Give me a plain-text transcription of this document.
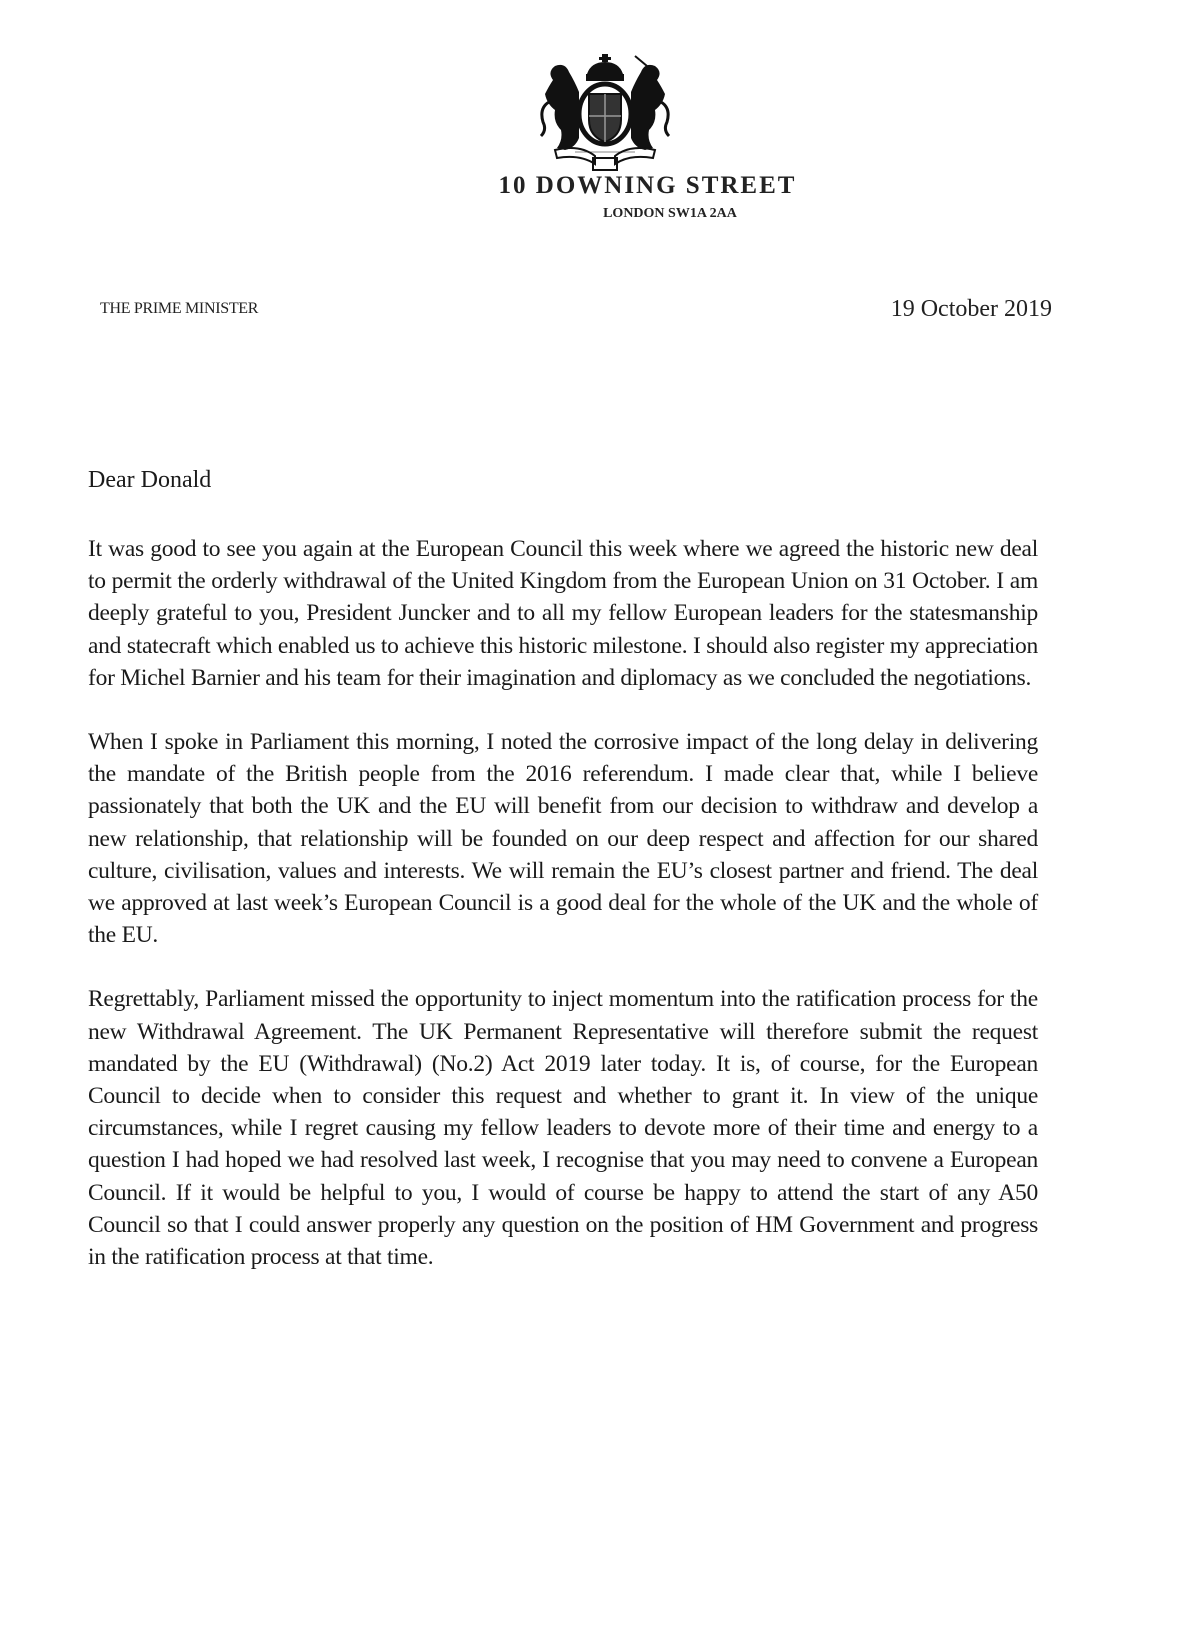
10 DOWNING STREET
LONDON SW1A 2AA
THE PRIME MINISTER	19 October 2019
Dear Donald

It was good to see you again at the European Council this week where we agreed the historic new deal to permit the orderly withdrawal of the United Kingdom from the European Union on 31 October. I am deeply grateful to you, President Juncker and to all my fellow European leaders for the statesmanship and statecraft which enabled us to achieve this historic milestone. I should also register my appreciation for Michel Barnier and his team for their imagination and diplomacy as we concluded the negotiations.

When I spoke in Parliament this morning, I noted the corrosive impact of the long delay in delivering the mandate of the British people from the 2016 referendum. I made clear that, while I believe passionately that both the UK and the EU will benefit from our decision to withdraw and develop a new relationship, that relationship will be founded on our deep respect and affection for our shared culture, civilisation, values and interests. We will remain the EU’s closest partner and friend. The deal we approved at last week’s European Council is a good deal for the whole of the UK and the whole of the EU.

Regrettably, Parliament missed the opportunity to inject momentum into the ratification process for the new Withdrawal Agreement. The UK Permanent Representative will therefore submit the request mandated by the EU (Withdrawal) (No.2) Act 2019 later today. It is, of course, for the European Council to decide when to consider this request and whether to grant it. In view of the unique circumstances, while I regret causing my fellow leaders to devote more of their time and energy to a question I had hoped we had resolved last week, I recognise that you may need to convene a European Council. If it would be helpful to you, I would of course be happy to attend the start of any A50 Council so that I could answer properly any question on the position of HM Government and progress in the ratification process at that time.
